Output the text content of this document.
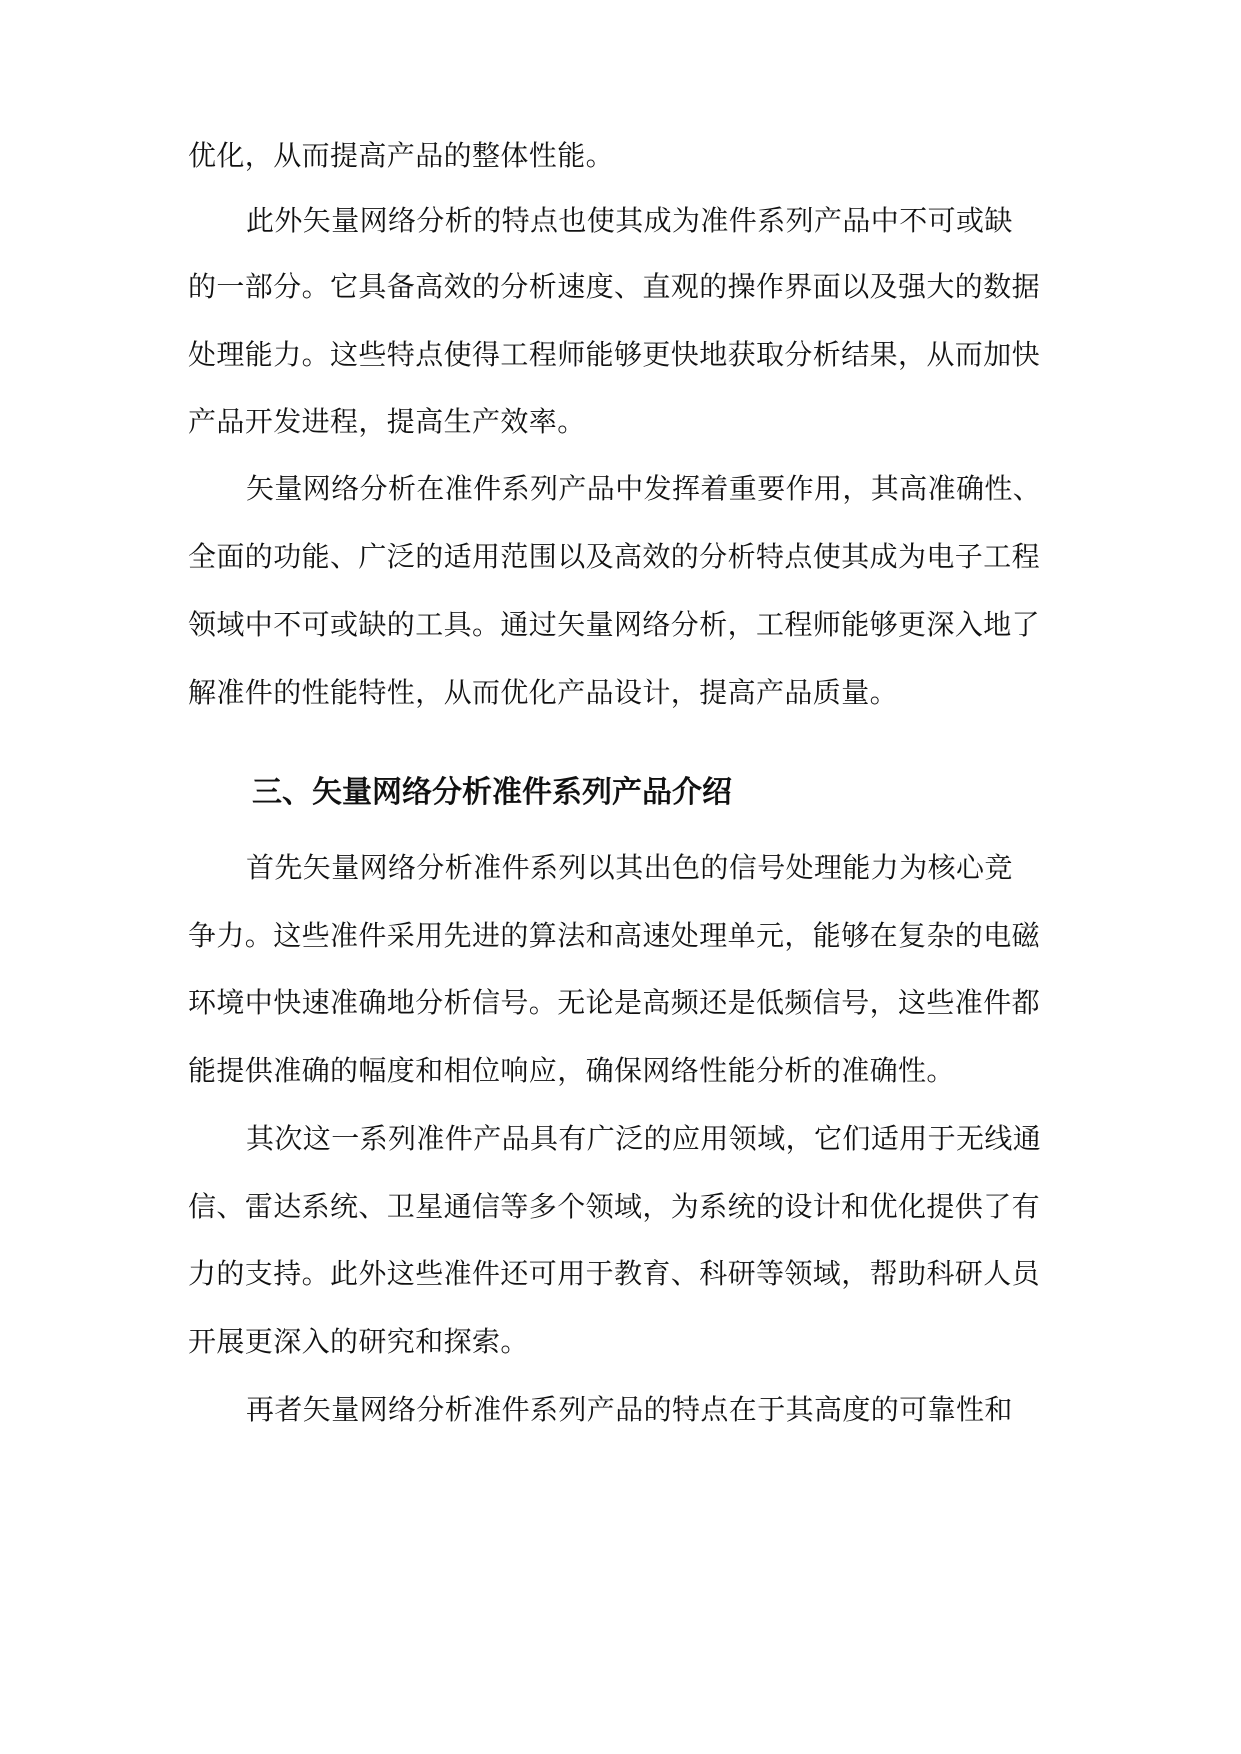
优化，从而提高产品的整体性能。
此外矢量网络分析的特点也使其成为准件系列产品中不可或缺
的一部分。它具备高效的分析速度、直观的操作界面以及强大的数据
处理能力。这些特点使得工程师能够更快地获取分析结果，从而加快
产品开发进程，提高生产效率。
矢量网络分析在准件系列产品中发挥着重要作用，其高准确性、
全面的功能、广泛的适用范围以及高效的分析特点使其成为电子工程
领域中不可或缺的工具。通过矢量网络分析，工程师能够更深入地了
解准件的性能特性，从而优化产品设计，提高产品质量。
三、矢量网络分析准件系列产品介绍
首先矢量网络分析准件系列以其出色的信号处理能力为核心竞
争力。这些准件采用先进的算法和高速处理单元，能够在复杂的电磁
环境中快速准确地分析信号。无论是高频还是低频信号，这些准件都
能提供准确的幅度和相位响应，确保网络性能分析的准确性。
其次这一系列准件产品具有广泛的应用领域，它们适用于无线通
信、雷达系统、卫星通信等多个领域，为系统的设计和优化提供了有
力的支持。此外这些准件还可用于教育、科研等领域，帮助科研人员
开展更深入的研究和探索。
再者矢量网络分析准件系列产品的特点在于其高度的可靠性和
